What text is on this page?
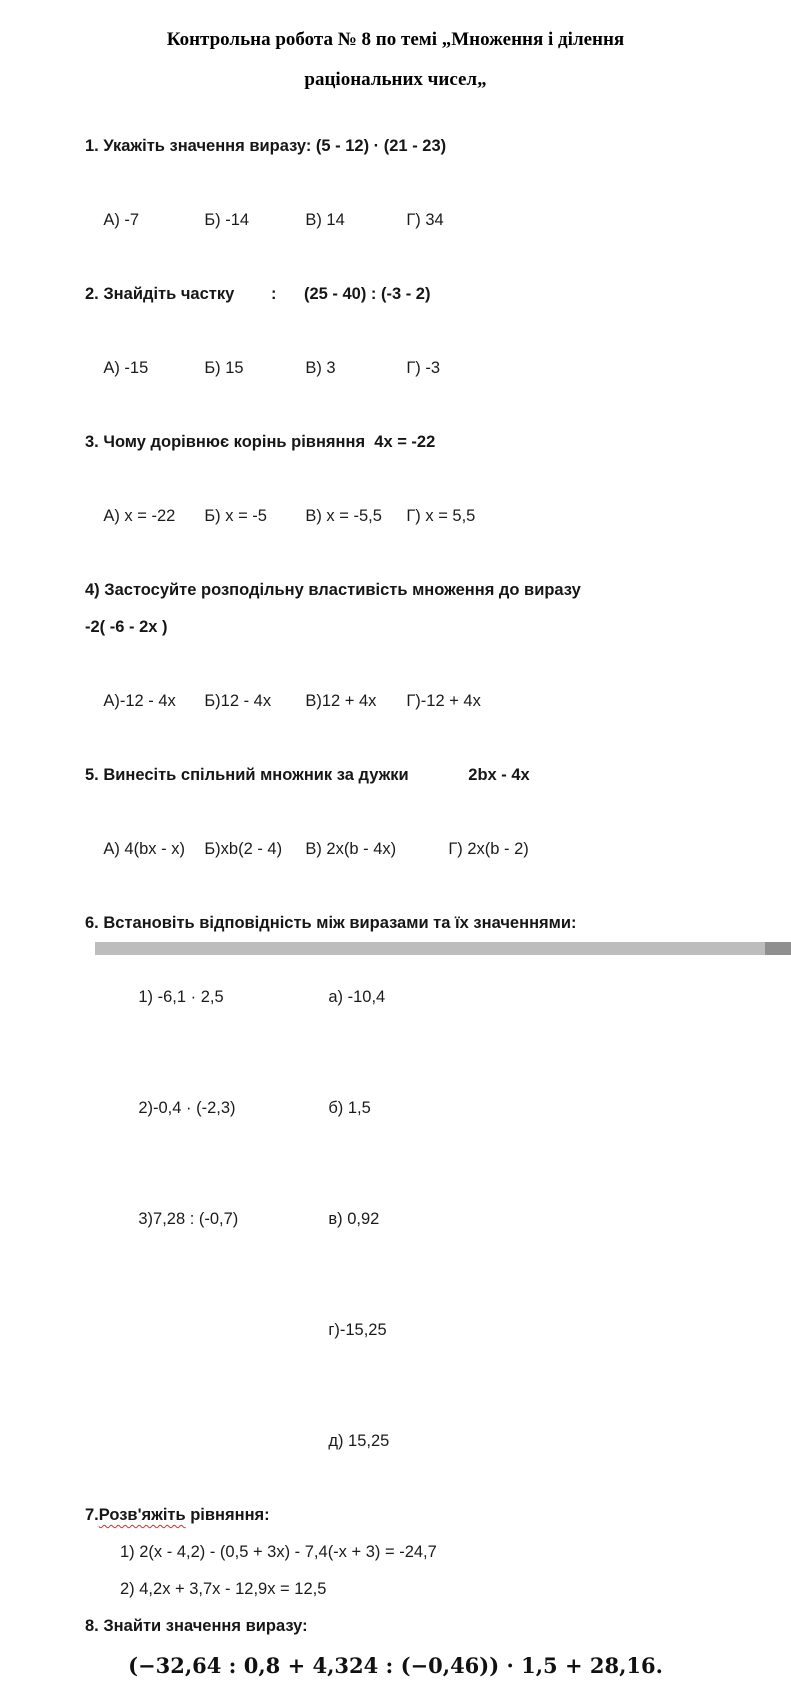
Контрольна робота № 8 по темі „Множення і ділення
раціональних чисел„
1. Укажіть значення виразу: (5 - 12) · (21 - 23)

А) -7	Б) -14	В) 14	Г) 34

2. Знайдіть частку        :      (25 - 40) : (-3 - 2)

А) -15	Б) 15	В) 3	Г) -3

3. Чому дорівнює корінь рівняння  4х = -22

А) х = -22 Б) х = -5 В) х = -5,5 Г) х = 5,5

4) Застосуйте розподільну властивість множення до виразу
-2( -6 - 2х )

А)-12 - 4х Б)12 - 4х В)12 + 4х Г)-12 + 4х

5. Винесіть спільний множник за дужки             2bх - 4х

А) 4(bх - х) Б)хb(2 - 4) В) 2х(b - 4х)	Г) 2х(b - 2)

6. Встановіть відповідність між виразами та їх значеннями:

1) -6,1 · 2,5	а) -10,4

2)-0,4 · (-2,3)	б) 1,5

3)7,28 : (-0,7)	в) 0,92

г)-15,25

д) 15,25

7.Розв'яжіть рівняння:
1) 2(х - 4,2) - (0,5 + 3х) - 7,4(-х + 3) = -24,7
2) 4,2х + 3,7х - 12,9х = 12,5
8. Знайти значення виразу:
(−32,64 : 0,8 + 4,324 : (−0,46)) · 1,5 + 28,16.
